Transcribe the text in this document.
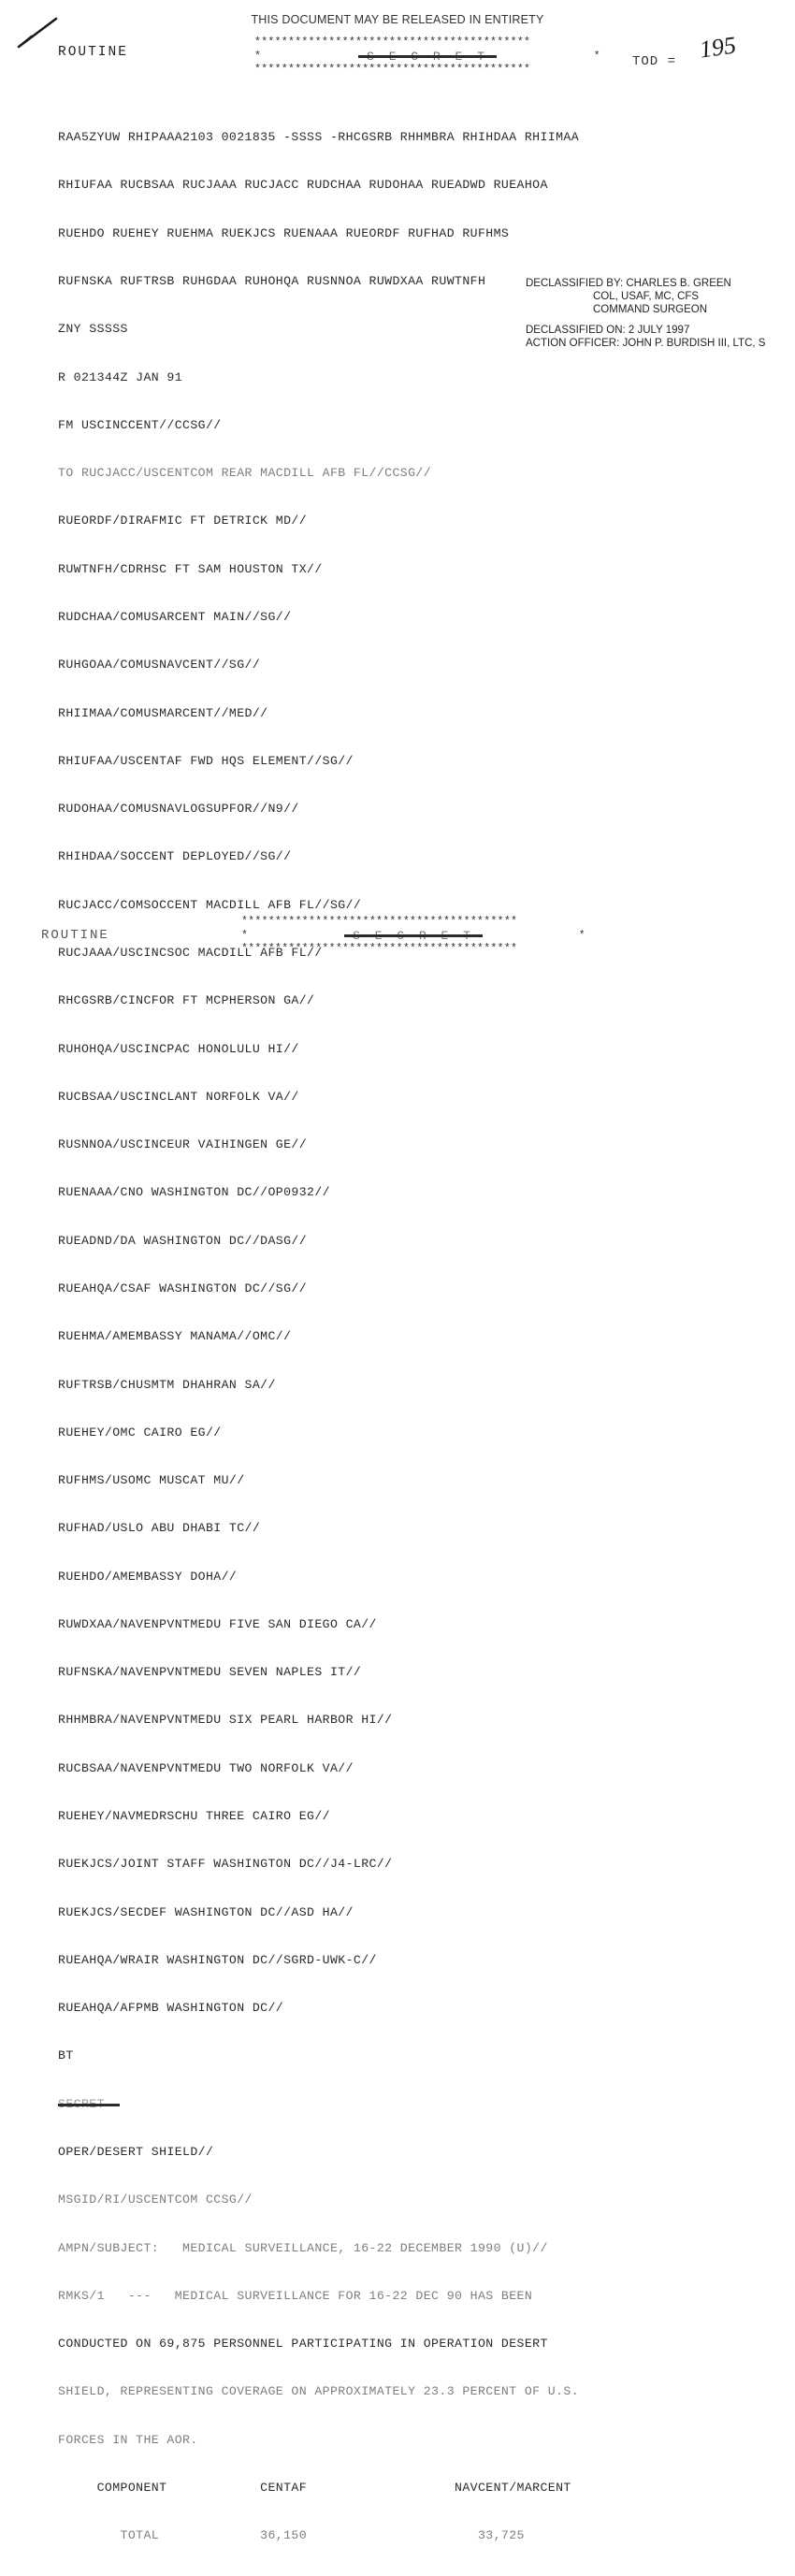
THIS DOCUMENT MAY BE RELEASED IN ENTIRETY
ROUTINE
*****************************************
*	*
*****************************************
TOD = 195

RAA5ZYUW RHIPAAA2103 0021835 -SSSS -RHCGSRB RHHMBRA RHIHDAA RHIIMAA

RHIUFAA RUCBSAA RUCJAAA RUCJACC RUDCHAA RUDOHAA RUEADWD RUEAHOA

RUEHDO RUEHEY RUEHMA RUEKJCS RUENAAA RUEORDF RUFHAD RUFHMS

RUFNSKA RUFTRSB RUHGDAA RUHOHQA RUSNNOA RUWDXAA RUWTNFH

ZNY SSSSS

R 021344Z JAN 91

FM USCINCCENT//CCSG//

TO RUCJACC/USCENTCOM REAR MACDILL AFB FL//CCSG//

RUEORDF/DIRAFMIC FT DETRICK MD//

RUWTNFH/CDRHSC FT SAM HOUSTON TX//

RUDCHAA/COMUSARCENT MAIN//SG//

RUHGOAA/COMUSNAVCENT//SG//

RHIIMAA/COMUSMARCENT//MED//

RHIUFAA/USCENTAF FWD HQS ELEMENT//SG//

RUDOHAA/COMUSNAVLOGSUPFOR//N9//

RHIHDAA/SOCCENT DEPLOYED//SG//

RUCJACC/COMSOCCENT MACDILL AFB FL//SG//

RUCJAAA/USCINCSOC MACDILL AFB FL//

RHCGSRB/CINCFOR FT MCPHERSON GA//

RUHOHQA/USCINCPAC HONOLULU HI//

RUCBSAA/USCINCLANT NORFOLK VA//

RUSNNOA/USCINCEUR VAIHINGEN GE//

RUENAAA/CNO WASHINGTON DC//OP0932//

RUEADND/DA WASHINGTON DC//DASG//

RUEAHQA/CSAF WASHINGTON DC//SG//

RUEHMA/AMEMBASSY MANAMA//OMC//

RUFTRSB/CHUSMTM DHAHRAN SA//

RUEHEY/OMC CAIRO EG//

RUFHMS/USOMC MUSCAT MU//

RUFHAD/USLO ABU DHABI TC//

RUEHDO/AMEMBASSY DOHA//

RUWDXAA/NAVENPVNTMEDU FIVE SAN DIEGO CA//

RUFNSKA/NAVENPVNTMEDU SEVEN NAPLES IT//

RHHMBRA/NAVENPVNTMEDU SIX PEARL HARBOR HI//

RUCBSAA/NAVENPVNTMEDU TWO NORFOLK VA//

RUEHEY/NAVMEDRSCHU THREE CAIRO EG//

RUEKJCS/JOINT STAFF WASHINGTON DC//J4-LRC//

RUEKJCS/SECDEF WASHINGTON DC//ASD HA//

RUEAHQA/WRAIR WASHINGTON DC//SGRD-UWK-C//

RUEAHQA/AFPMB WASHINGTON DC//

BT

OPER/DESERT SHIELD//

MSGID/RI/USCENTCOM CCSG//

AMPN/SUBJECT:   MEDICAL SURVEILLANCE, 16-22 DECEMBER 1990 (U)//

RMKS/1   ---   MEDICAL SURVEILLANCE FOR 16-22 DEC 90 HAS BEEN

CONDUCTED ON 69,875 PERSONNEL PARTICIPATING IN OPERATION DESERT

SHIELD, REPRESENTING COVERAGE ON APPROXIMATELY 23.3 PERCENT OF U.S.

FORCES IN THE AOR.

COMPONENT            CENTAF                   NAVCENT/MARCENT

TOTAL             36,150                      33,725

DECLASSIFIED BY: CHARLES B. GREEN
COL, USAF, MC, CFS
COMMAND SURGEON
DECLASSIFIED ON: 2 JULY 1997
ACTION OFFICER: JOHN P. BURDISH III, LTC, S
ROUTINE
*****************************************
*	*
*****************************************
